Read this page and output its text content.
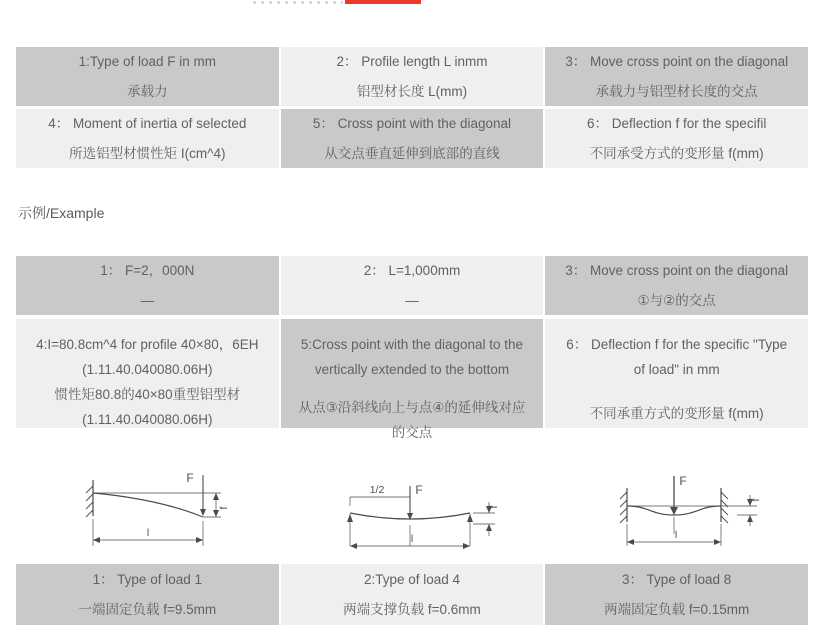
1:Type of load F in mm
承载力
2： Profile length L inmm
铝型材长度 L(mm)
3： Move cross point on the diagonal
承载力与铝型材长度的交点
4： Moment of inertia of selected
所选铝型材惯性矩 I(cm^4)
5： Cross point with the diagonal
从交点垂直延伸到底部的直线
6： Deflection f for the specifil
不同承受方式的变形量 f(mm)
示例/Example
1： F=2，000N
—
2： L=1,000mm
—
3： Move cross point on the diagonal
①与②的交点
4:I=80.8cm^4 for profile 40×80，6EH
(1.11.40.040080.06H)
惯性矩80.8的40×80重型铝型材
(1.11.40.040080.06H)
5:Cross point with the diagonal to the vertically extended to the bottom
从点③沿斜线向上与点④的延伸线对应的交点
6： Deflection f for the specific "Type of load" in mm
不同承重方式的变形量 f(mm)
F
f
l
1/2	F
f
l
F
f
l
1： Type of load 1
一端固定负载 f=9.5mm
2:Type of load 4
两端支撑负载 f=0.6mm
3： Type of load 8
两端固定负载 f=0.15mm
